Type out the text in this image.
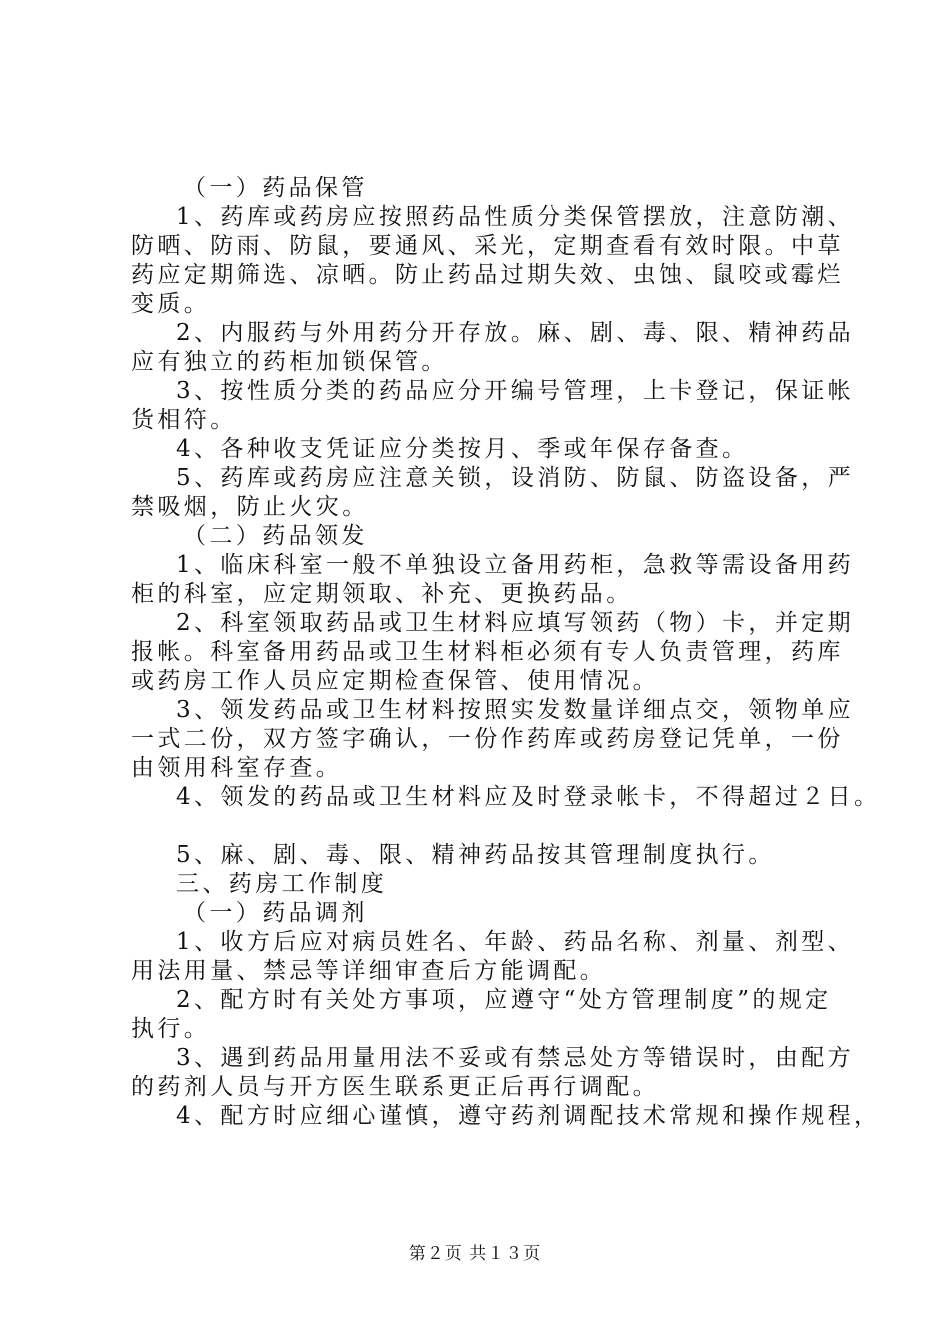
（一）药品保管
1、药库或药房应按照药品性质分类保管摆放，注意防潮、
防晒、防雨、防鼠，要通风、采光，定期查看有效时限。中草
药应定期筛选、凉晒。防止药品过期失效、虫蚀、鼠咬或霉烂
变质。
2、内服药与外用药分开存放。麻、剧、毒、限、精神药品
应有独立的药柜加锁保管。
3、按性质分类的药品应分开编号管理，上卡登记，保证帐
货相符。
4、各种收支凭证应分类按月、季或年保存备查。
5、药库或药房应注意关锁，设消防、防鼠、防盗设备，严
禁吸烟，防止火灾。
（二）药品领发
1、临床科室一般不单独设立备用药柜，急救等需设备用药
柜的科室，应定期领取、补充、更换药品。
2、科室领取药品或卫生材料应填写领药（物）卡，并定期
报帐。科室备用药品或卫生材料柜必须有专人负责管理，药库
或药房工作人员应定期检查保管、使用情况。
3、领发药品或卫生材料按照实发数量详细点交，领物单应
一式二份，双方签字确认，一份作药库或药房登记凭单，一份
由领用科室存查。
4、领发的药品或卫生材料应及时登录帐卡，不得超过２日。
5、麻、剧、毒、限、精神药品按其管理制度执行。
三、药房工作制度
（一）药品调剂
1、收方后应对病员姓名、年龄、药品名称、剂量、剂型、
用法用量、禁忌等详细审查后方能调配。
2、配方时有关处方事项，应遵守“处方管理制度”的规定
执行。
3、遇到药品用量用法不妥或有禁忌处方等错误时，由配方
的药剂人员与开方医生联系更正后再行调配。
4、配方时应细心谨慎，遵守药剂调配技术常规和操作规程，
第２页 共１３页
